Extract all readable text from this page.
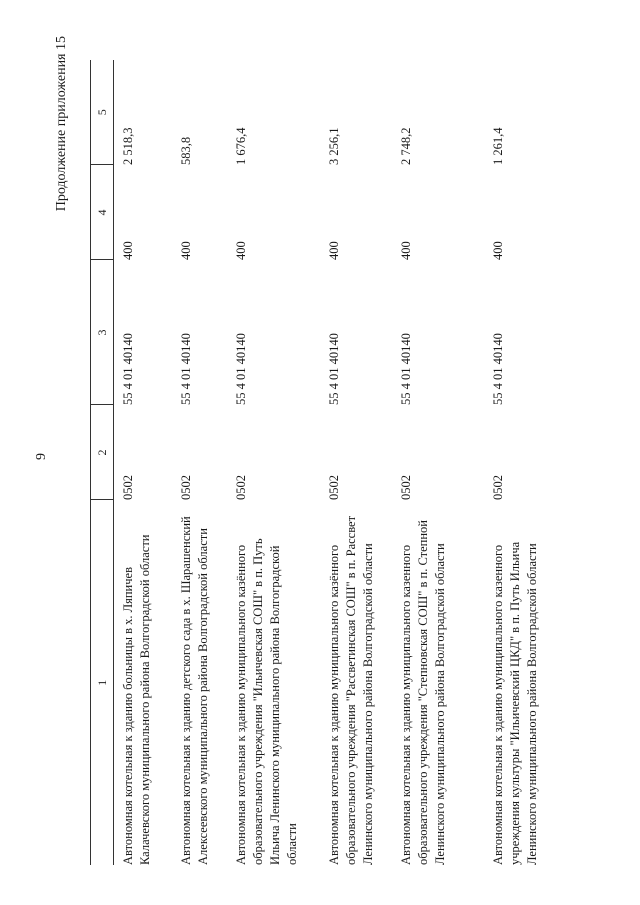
9
Продолжение приложения 15
1	2	3	4	5
Автономная котельная к зданию больницы в х. Ляпичев Калачевского муниципального района Волгоградской области	0502	55 4 01 40140	400	2 518,3
Автономная котельная к зданию детского сада в х. Шарашенский Алексеевского муниципального района Волгоградской области	0502	55 4 01 40140	400	583,8
Автономная котельная к зданию муниципального казённого образовательного учреждения "Ильичевская СОШ" в п. Путь Ильича Ленинского муниципального района Волгоградской области	0502	55 4 01 40140	400	1 676,4
Автономная котельная к зданию муниципального казённого образовательного учреждения "Рассветинская СОШ" в п. Рассвет Ленинского муниципального района Волгоградской области	0502	55 4 01 40140	400	3 256,1
Автономная котельная к зданию муниципального казенного образовательного учреждения "Степновская СОШ" в п. Степной Ленинского муниципального района Волгоградской области	0502	55 4 01 40140	400	2 748,2
Автономная котельная к зданию муниципального казенного учреждения культуры "Ильичевский ЦКД" в п. Путь Ильича Ленинского муниципального района Волгоградской области	0502	55 4 01 40140	400	1 261,4
